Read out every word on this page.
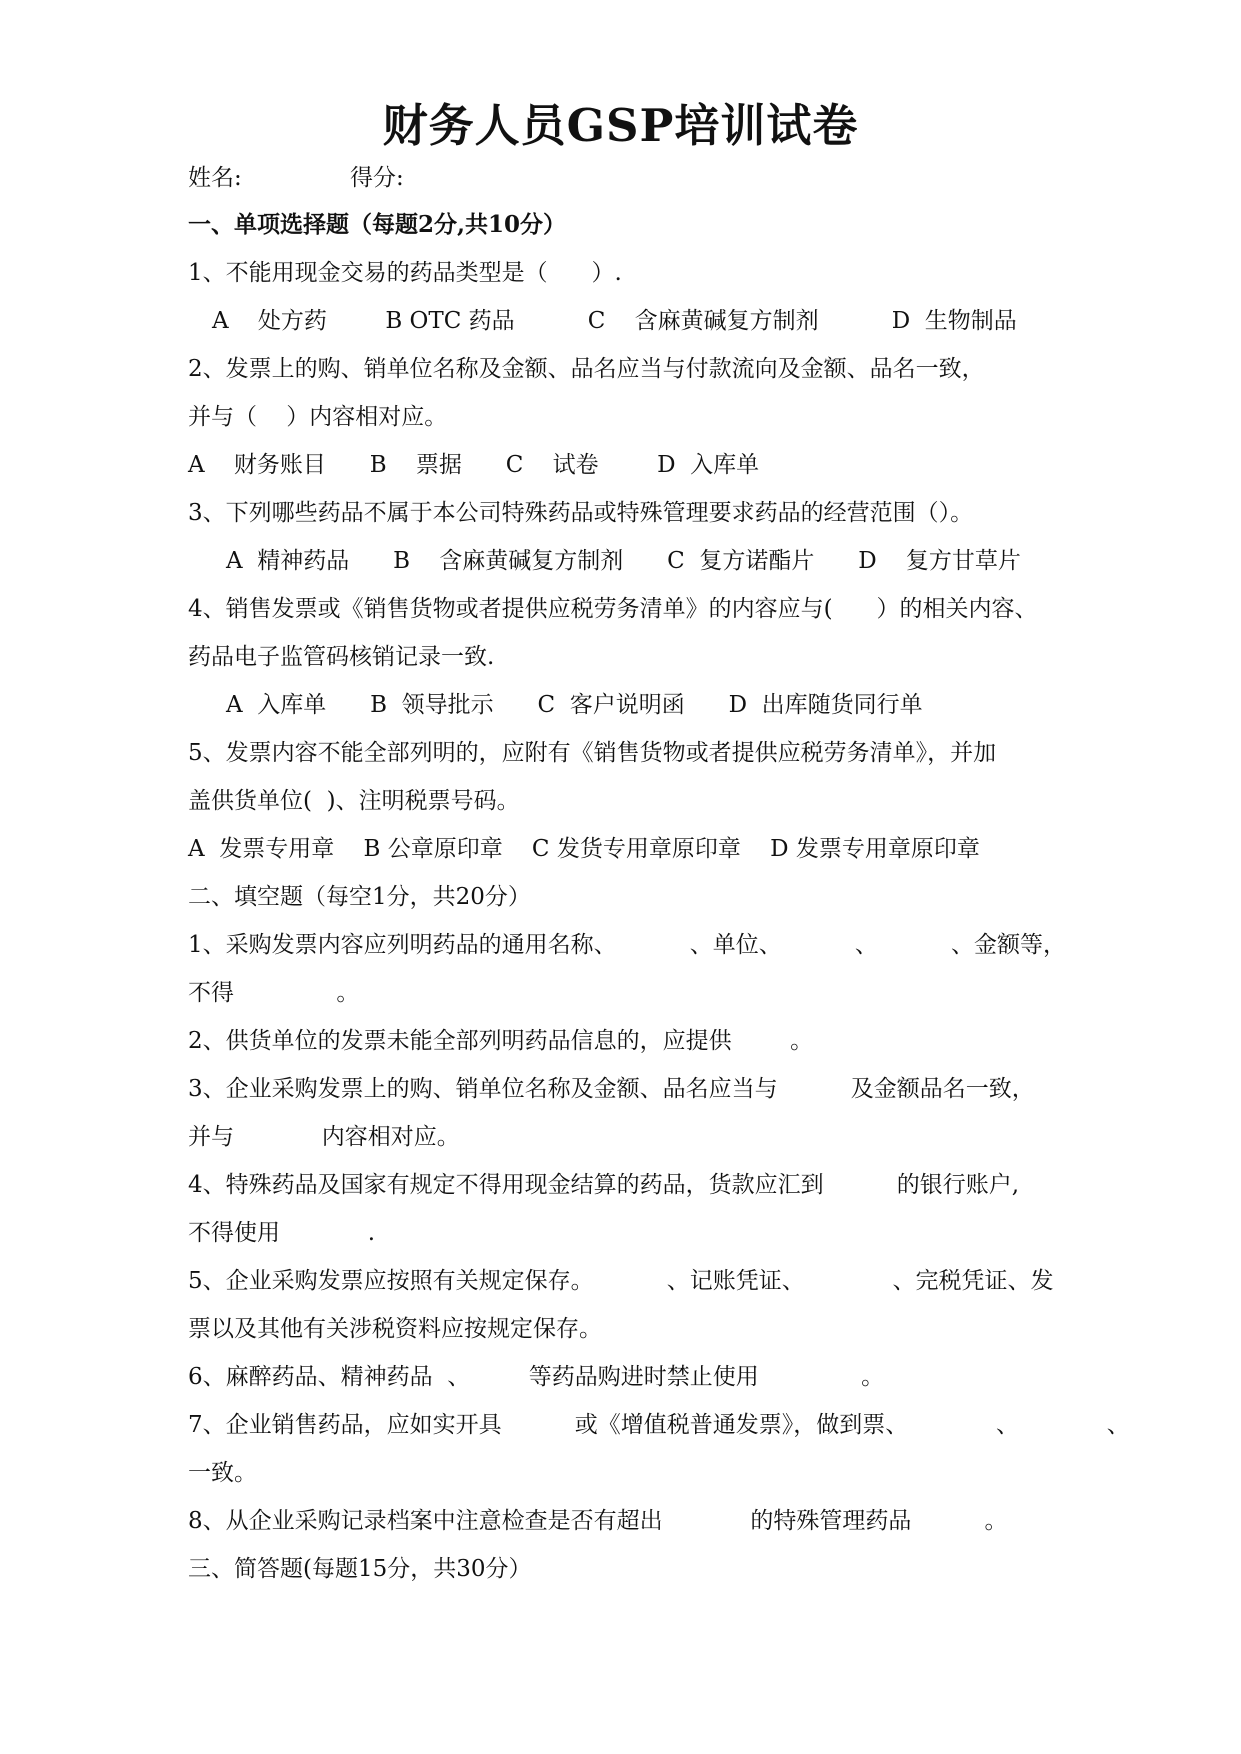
财务人员GSP培训试卷
姓名:	得分:
一、单项选择题（每题2分,共10分）
1、不能用现金交易的药品类型是（      ）.
A    处方药        B OTC 药品          C    含麻黄碱复方制剂          D  生物制品
2、发票上的购、销单位名称及金额、品名应当与付款流向及金额、品名一致，
并与（    ）内容相对应。
A    财务账目      B    票据      C    试卷        D  入库单
3、下列哪些药品不属于本公司特殊药品或特殊管理要求药品的经营范围（）。
A  精神药品      B    含麻黄碱复方制剂      C  复方诺酯片      D    复方甘草片
4、销售发票或《销售货物或者提供应税劳务清单》的内容应与(      ）的相关内容、
药品电子监管码核销记录一致.
A  入库单      B  领导批示      C  客户说明函      D  出库随货同行单
5、发票内容不能全部列明的，应附有《销售货物或者提供应税劳务清单》，并加
盖供货单位(  )、注明税票号码。
A  发票专用章    B 公章原印章    C 发货专用章原印章    D 发票专用章原印章
二、填空题（每空1分，共20分）
1、采购发票内容应列明药品的通用名称、          、单位、          、          、金额等，
不得              。
2、供货单位的发票未能全部列明药品信息的，应提供        。
3、企业采购发票上的购、销单位名称及金额、品名应当与          及金额品名一致，
并与            内容相对应。
4、特殊药品及国家有规定不得用现金结算的药品，货款应汇到          的银行账户,
不得使用            .
5、企业采购发票应按照有关规定保存。          、记账凭证、            、完税凭证、发
票以及其他有关涉税资料应按规定保存。
6、麻醉药品、精神药品  、        等药品购进时禁止使用              。
7、企业销售药品，应如实开具          或《增值税普通发票》，做到票、            、            、
一致。
8、从企业采购记录档案中注意检查是否有超出            的特殊管理药品          。
三、简答题(每题15分，共30分）
